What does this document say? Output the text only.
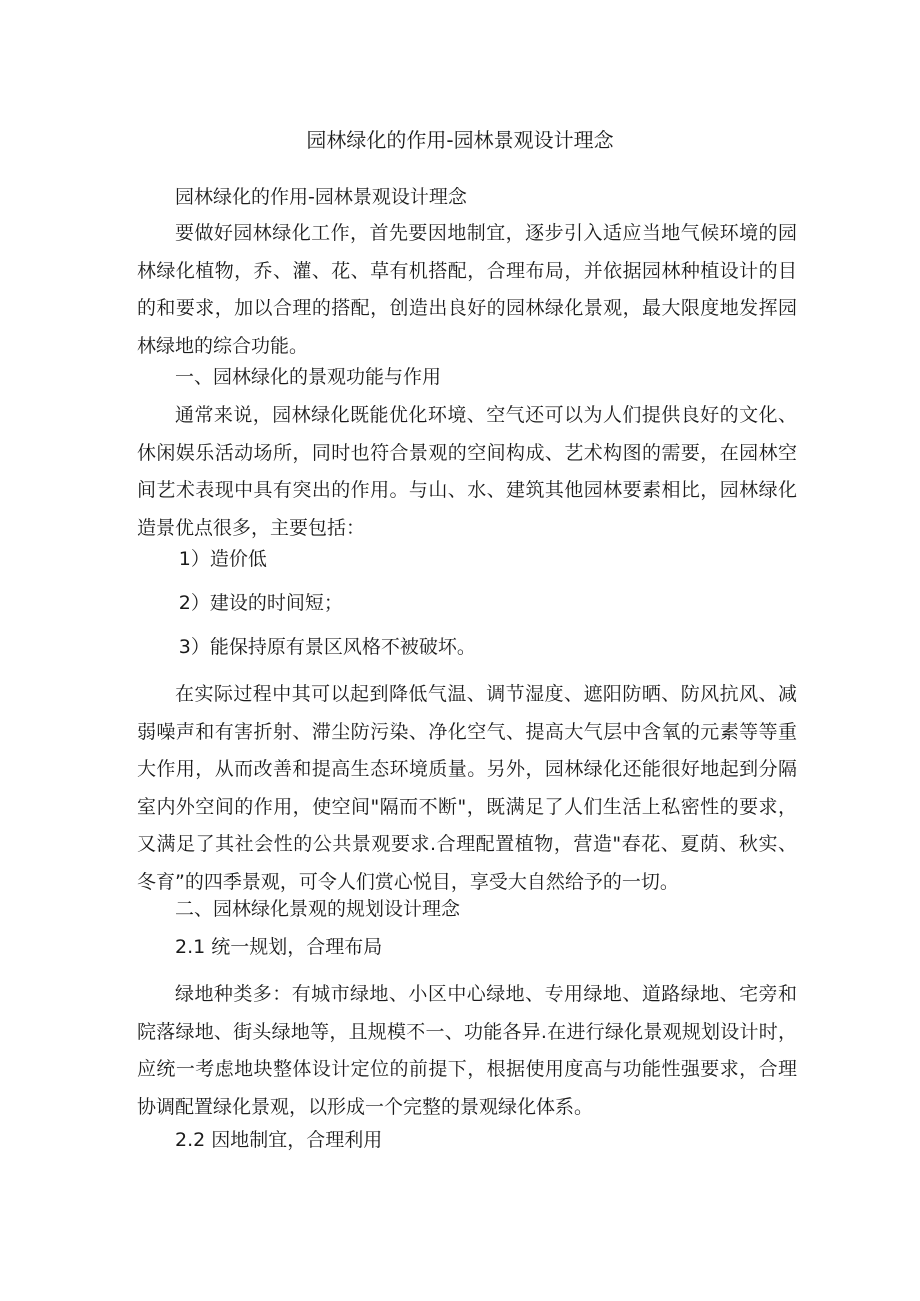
园林绿化的作用-园林景观设计理念

园林绿化的作用-园林景观设计理念

要做好园林绿化工作，首先要因地制宜，逐步引入适应当地气候环境的园林绿化植物，乔、灌、花、草有机搭配，合理布局，并依据园林种植设计的目的和要求，加以合理的搭配，创造出良好的园林绿化景观，最大限度地发挥园林绿地的综合功能。

一、园林绿化的景观功能与作用

通常来说，园林绿化既能优化环境、空气还可以为人们提供良好的文化、休闲娱乐活动场所，同时也符合景观的空间构成、艺术构图的需要，在园林空间艺术表现中具有突出的作用。与山、水、建筑其他园林要素相比，园林绿化造景优点很多，主要包括：

1）造价低

2）建设的时间短；

3）能保持原有景区风格不被破坏。

在实际过程中其可以起到降低气温、调节湿度、遮阳防晒、防风抗风、减弱噪声和有害折射、滞尘防污染、净化空气、提高大气层中含氧的元素等等重大作用，从而改善和提高生态环境质量。另外，园林绿化还能很好地起到分隔室内外空间的作用，使空间"隔而不断"，既满足了人们生活上私密性的要求，又满足了其社会性的公共景观要求.合理配置植物，营造"春花、夏荫、秋实、冬育”的四季景观，可令人们赏心悦目，享受大自然给予的一切。

二、园林绿化景观的规划设计理念

2.1 统一规划，合理布局

绿地种类多：有城市绿地、小区中心绿地、专用绿地、道路绿地、宅旁和院落绿地、街头绿地等，且规模不一、功能各异.在进行绿化景观规划设计时，应统一考虑地块整体设计定位的前提下，根据使用度高与功能性强要求，合理协调配置绿化景观，以形成一个完整的景观绿化体系。

2.2 因地制宜，合理利用
